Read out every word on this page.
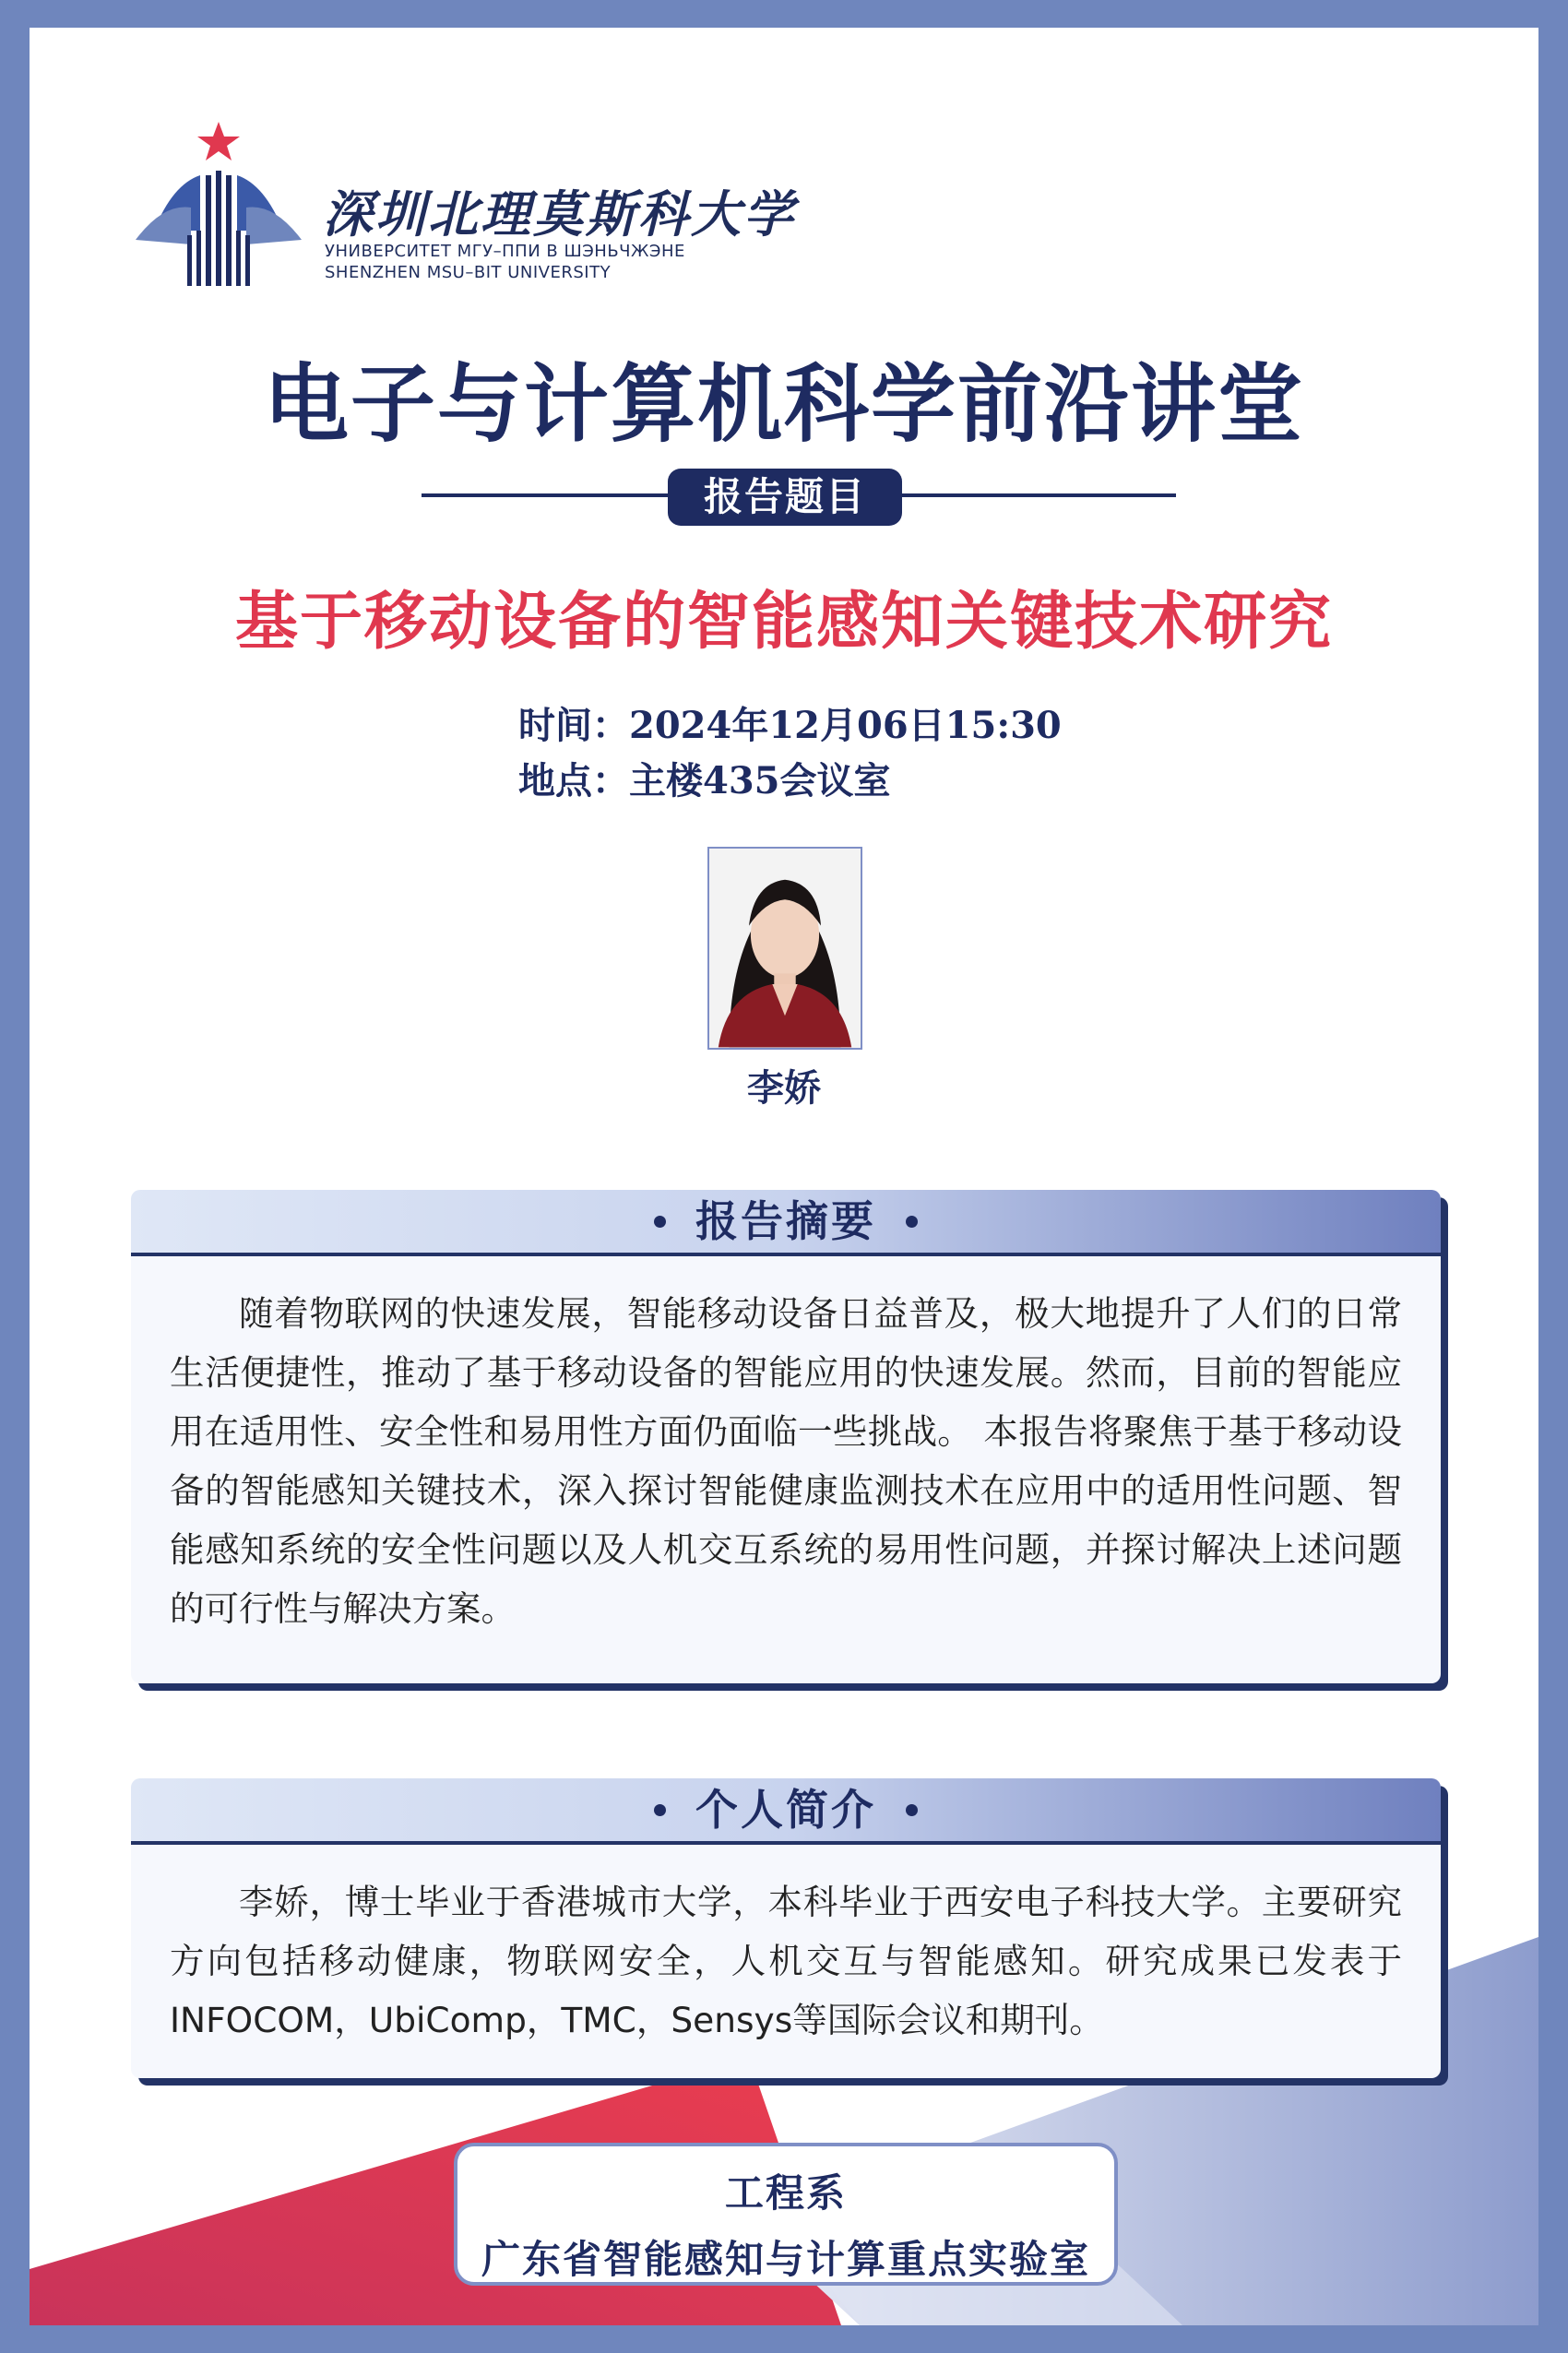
深圳北理莫斯科大学
УНИВЕРСИТЕТ МГУ–ППИ В ШЭНЬЧЖЭНЕ
SHENZHEN MSU–BIT UNIVERSITY
电子与计算机科学前沿讲堂
报告题目
基于移动设备的智能感知关键技术研究
时间：2024年12月06日15:30
地点：主楼435会议室
李娇
报告摘要
随着物联网的快速发展，智能移动设备日益普及，极大地提升了人们的日常生活便捷性，推动了基于移动设备的智能应用的快速发展。然而，目前的智能应用在适用性、安全性和易用性方面仍面临一些挑战。 本报告将聚焦于基于移动设备的智能感知关键技术，深入探讨智能健康监测技术在应用中的适用性问题、智能感知系统的安全性问题以及人机交互系统的易用性问题，并探讨解决上述问题的可行性与解决方案。
个人简介
李娇，博士毕业于香港城市大学，本科毕业于西安电子科技大学。主要研究方向包括移动健康，物联网安全，人机交互与智能感知。研究成果已发表于INFOCOM，UbiComp，TMC，Sensys等国际会议和期刊。
工程系
广东省智能感知与计算重点实验室
